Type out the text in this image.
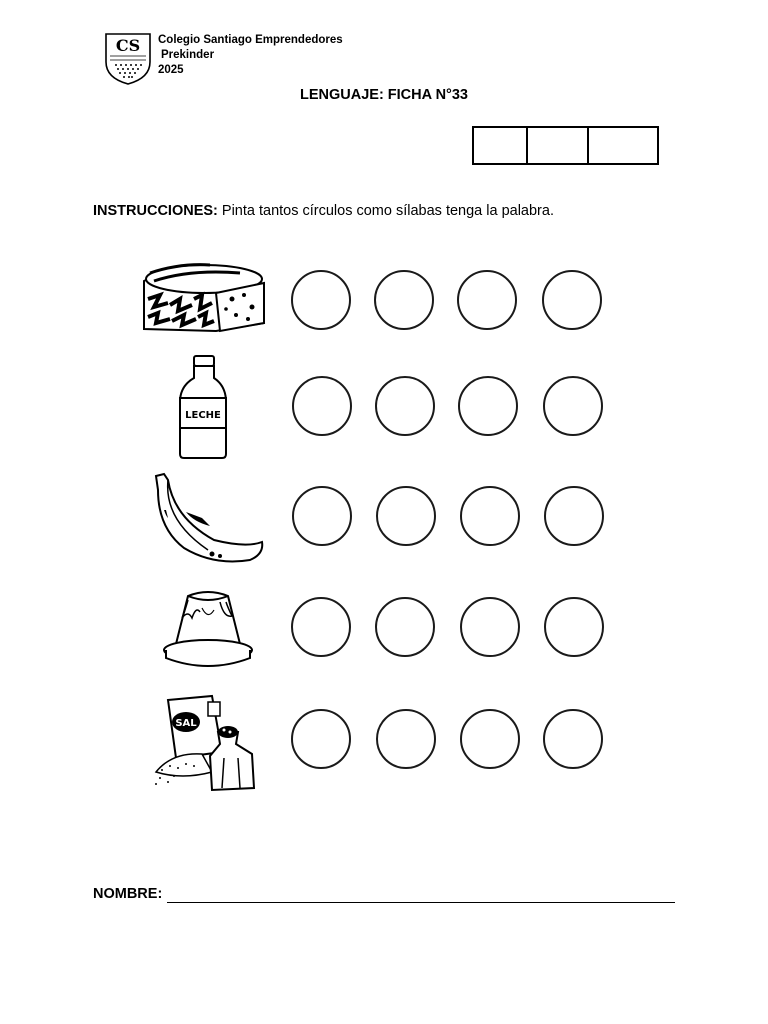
CS Colegio Santiago Emprendedores
Prekinder
2025
LENGUAJE: FICHA N°33

INSTRUCCIONES: Pinta tantos círculos como sílabas tenga la palabra.
LECHE
SAL
NOMBRE:
